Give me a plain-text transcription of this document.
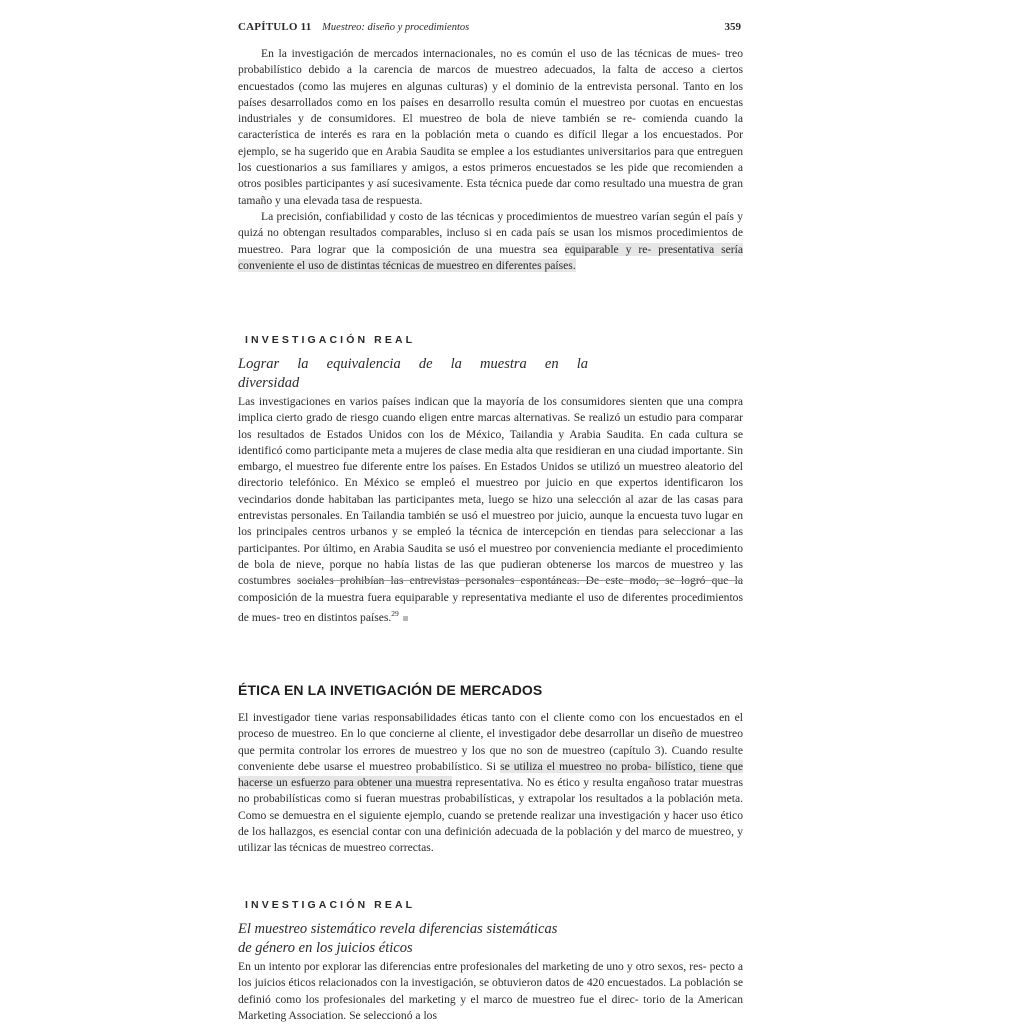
CAPÍTULO 11 Muestreo: diseño y procedimientos	359

En la investigación de mercados internacionales, no es común el uso de las técnicas de mues- treo probabilístico debido a la carencia de marcos de muestreo adecuados, la falta de acceso a ciertos encuestados (como las mujeres en algunas culturas) y el dominio de la entrevista personal. Tanto en los países desarrollados como en los países en desarrollo resulta común el muestreo por cuotas en encuestas industriales y de consumidores. El muestreo de bola de nieve también se re- comienda cuando la característica de interés es rara en la población meta o cuando es difícil llegar a los encuestados. Por ejemplo, se ha sugerido que en Arabia Saudita se emplee a los estudiantes universitarios para que entreguen los cuestionarios a sus familiares y amigos, a estos primeros encuestados se les pide que recomienden a otros posibles participantes y así sucesivamente. Esta técnica puede dar como resultado una muestra de gran tamaño y una elevada tasa de respuesta.

La precisión, confiabilidad y costo de las técnicas y procedimientos de muestreo varían según el país y quizá no obtengan resultados comparables, incluso si en cada país se usan los mismos procedimientos de muestreo. Para lograr que la composición de una muestra sea equiparable y re- presentativa sería conveniente el uso de distintas técnicas de muestreo en diferentes países.

INVESTIGACIÓN REAL

Lograr la equivalencia de la muestra en la diversidad

Las investigaciones en varios países indican que la mayoría de los consumidores sienten que una compra implica cierto grado de riesgo cuando eligen entre marcas alternativas. Se realizó un estudio para comparar los resultados de Estados Unidos con los de México, Tailandia y Arabia Saudita. En cada cultura se identificó como participante meta a mujeres de clase media alta que residieran en una ciudad importante. Sin embargo, el muestreo fue diferente entre los países. En Estados Unidos se utilizó un muestreo aleatorio del directorio telefónico. En México se empleó el muestreo por juicio en que expertos identificaron los vecindarios donde habitaban las participantes meta, luego se hizo una selección al azar de las casas para entrevistas personales. En Tailandia también se usó el muestreo por juicio, aunque la encuesta tuvo lugar en los principales centros urbanos y se empleó la técnica de intercepción en tiendas para seleccionar a las participantes. Por último, en Arabia Saudita se usó el muestreo por conveniencia mediante el procedimiento de bola de nieve, porque no había listas de las que pudieran obtenerse los marcos de muestreo y las costumbres sociales prohibían las entrevistas personales espontáneas. De este modo, se logró que la composición de la muestra fuera equiparable y representativa mediante el uso de diferentes procedimientos de mues- treo en distintos países.$^{29}$

ÉTICA EN LA INVETIGACIÓN DE MERCADOS

El investigador tiene varias responsabilidades éticas tanto con el cliente como con los encuestados en el proceso de muestreo. En lo que concierne al cliente, el investigador debe desarrollar un diseño de muestreo que permita controlar los errores de muestreo y los que no son de muestreo (capítulo 3). Cuando resulte conveniente debe usarse el muestreo probabilístico. Si se utiliza el muestreo no proba- bilístico, tiene que hacerse un esfuerzo para obtener una muestra representativa. No es ético y resulta engañoso tratar muestras no probabilísticas como si fueran muestras probabilísticas, y extrapolar los resultados a la población meta. Como se demuestra en el siguiente ejemplo, cuando se pretende realizar una investigación y hacer uso ético de los hallazgos, es esencial contar con una definición adecuada de la población y del marco de muestreo, y utilizar las técnicas de muestreo correctas.

INVESTIGACIÓN REAL

El muestreo sistemático revela diferencias sistemáticas

de género en los juicios éticos

En un intento por explorar las diferencias entre profesionales del marketing de uno y otro sexos, res- pecto a los juicios éticos relacionados con la investigación, se obtuvieron datos de 420 encuestados. La población se definió como los profesionales del marketing y el marco de muestreo fue el direc- torio de la American Marketing Association. Se seleccionó a los
